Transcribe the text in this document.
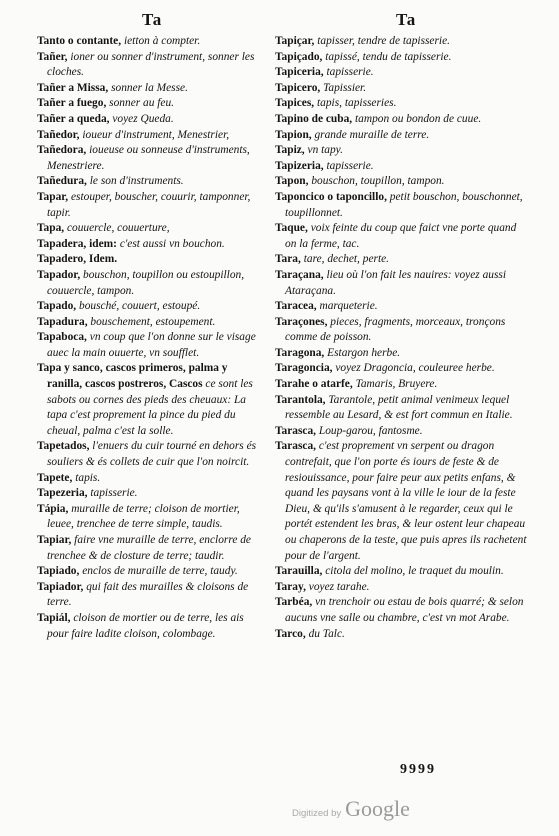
Ta	Ta

Tanto o contante, ietton à compter.

Tañer, ioner ou sonner d'instrument, sonner les cloches.

Tañer a Missa, sonner la Messe.

Tañer a fuego, sonner au feu.

Tañer a queda, voyez Queda.

Tañedor, ioueur d'instrument, Menestrier,

Tañedora, ioueuse ou sonneuse d'instruments, Menestriere.

Tañedura, le son d'instruments.

Tapar, estouper, bouscher, couurir, tamponner, tapir.

Tapa, couuercle, couuerture,

Tapadera, idem: c'est aussi vn bouchon.

Tapadero, Idem.

Tapador, bouschon, toupillon ou estoupillon, couuercle, tampon.

Tapado, bousché, couuert, estoupé.

Tapadura, bouschement, estoupement.

Tapaboca, vn coup que l'on donne sur le visage auec la main ouuerte, vn soufflet.

Tapa y sanco, cascos primeros, palma y ranilla, cascos postreros, Cascos ce sont les sabots ou cornes des pieds des cheuaux: La tapa c'est proprement la pince du pied du cheual, palma c'est la solle.

Tapetados, l'enuers du cuir tourné en dehors és souliers & és collets de cuir que l'on noircit.

Tapete, tapis.

Tapezeria, tapisserie.

Tápia, muraille de terre; cloison de mortier, leuee, trenchee de terre simple, taudis.

Tapiar, faire vne muraille de terre, enclorre de trenchee & de closture de terre; taudir.

Tapiado, enclos de muraille de terre, taudy.

Tapiador, qui fait des murailles & cloisons de terre.

Tapiál, cloison de mortier ou de terre, les ais pour faire ladite cloison, colombage.

Tapiçar, tapisser, tendre de tapisserie.

Tapiçado, tapissé, tendu de tapisserie.

Tapiceria, tapisserie.

Tapicero, Tapissier.

Tapices, tapis, tapisseries.

Tapino de cuba, tampon ou bondon de cuue.

Tapion, grande muraille de terre.

Tapiz, vn tapy.

Tapizeria, tapisserie.

Tapon, bouschon, toupillon, tampon.

Taponcico o taponcillo, petit bouschon, bouschonnet, toupillonnet.

Taque, voix feinte du coup que faict vne porte quand on la ferme, tac.

Tara, tare, dechet, perte.

Taraçana, lieu où l'on fait les nauires: voyez aussi Ataraçana.

Taracea, marqueterie.

Taraçones, pieces, fragments, morceaux, tronçons comme de poisson.

Taragona, Estargon herbe.

Taragoncia, voyez Dragoncia, couleuree herbe.

Tarahe o atarfe, Tamaris, Bruyere.

Tarantola, Tarantole, petit animal venimeux lequel ressemble au Lesard, & est fort commun en Italie.

Tarasca, Loup-garou, fantosme.

Tarasca, c'est proprement vn serpent ou dragon contrefait, que l'on porte és iours de feste & de resiouissance, pour faire peur aux petits enfans, & quand les paysans vont à la ville le iour de la feste Dieu, & qu'ils s'amusent à le regarder, ceux qui le portét estendent les bras, & leur ostent leur chapeau ou chaperons de la teste, que puis apres ils rachetent pour de l'argent.

Tarauilla, citola del molino, le traquet du moulin.

Taray, voyez tarahe.

Tarbéa, vn trenchoir ou estau de bois quarré; & selon aucuns vne salle ou chambre, c'est vn mot Arabe.

Tarco, du Talc.

9999
Digitized by Google
